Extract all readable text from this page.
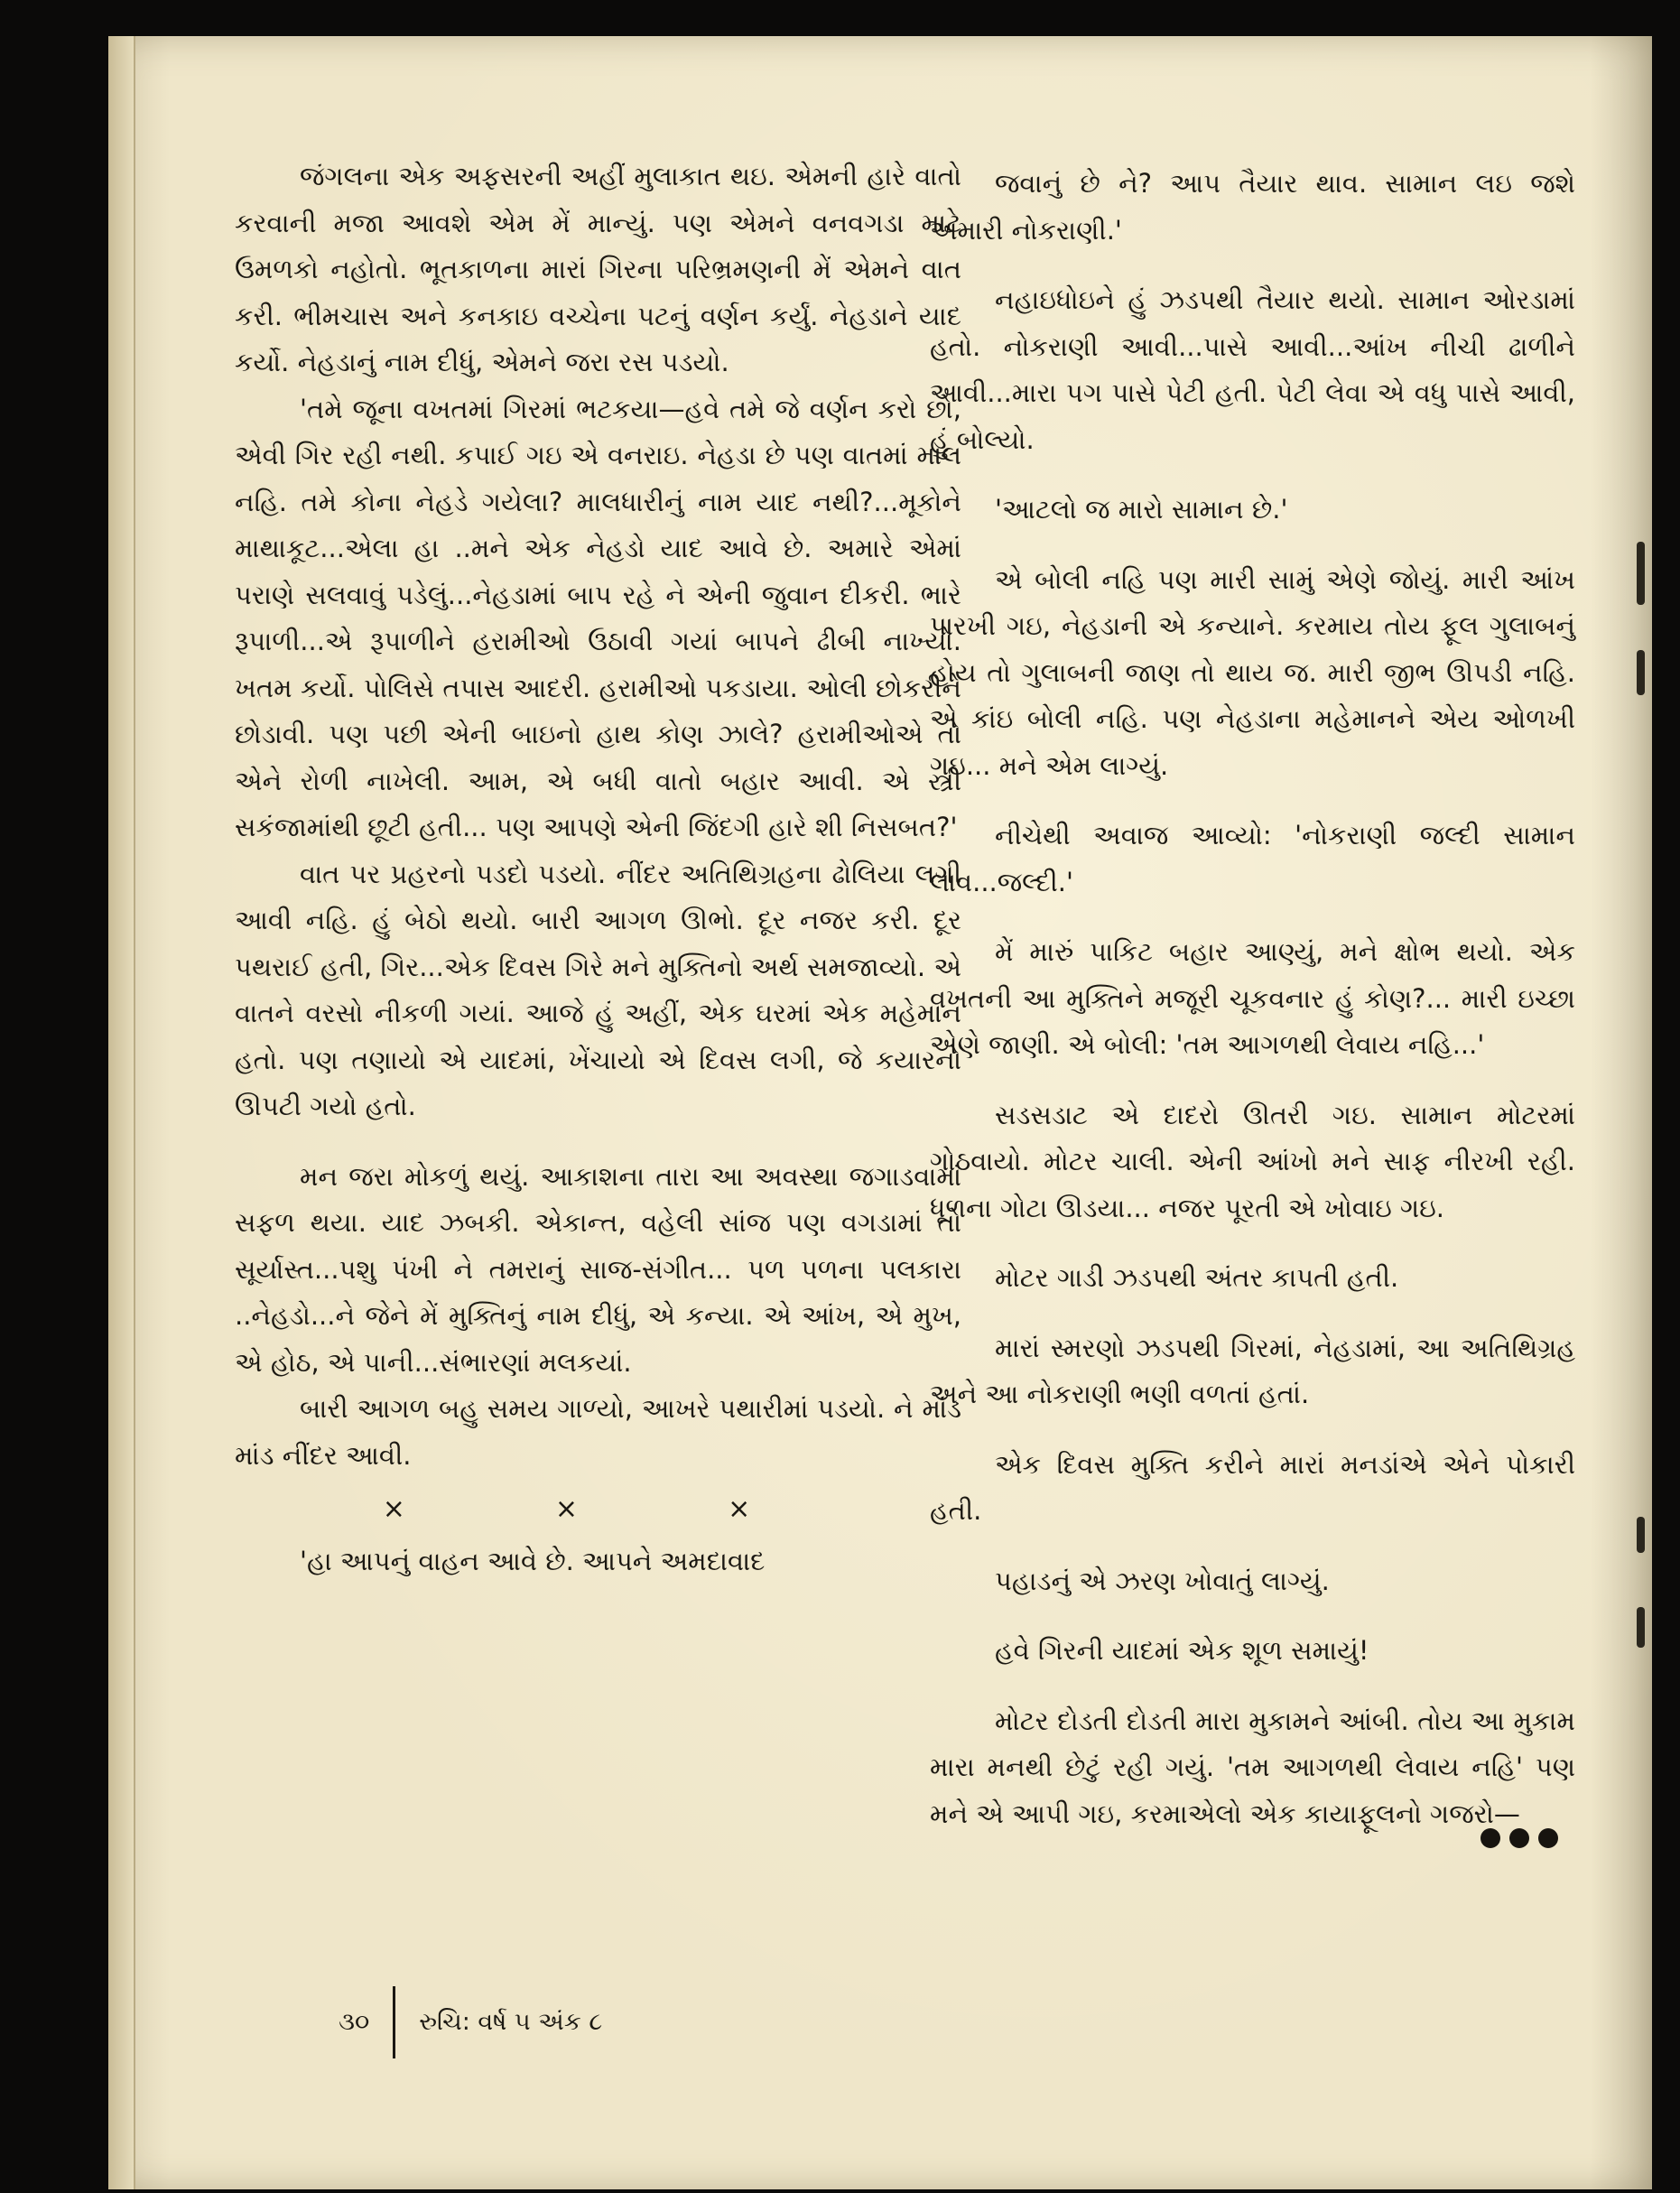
જંગલના એક અફસરની અહીં મુલાકાત થઇ. એમની હારે વાતો કરવાની મજા આવશે એમ મેં માન્યું. પણ એમને વનવગડા માટે ઉમળકો નહોતો. ભૂતકાળના મારાં ગિરના પરિભ્રમણની મેં એમને વાત કરી. ભીમચાસ અને કનકાઇ વચ્ચેના પટનું વર્ણન કર્યું. નેહડાને યાદ કર્યો. નેહડાનું નામ દીધું, એમને જરા રસ પડયો.

'તમે જૂના વખતમાં ગિરમાં ભટકયા—હવે તમે જે વર્ણન કરો છો, એવી ગિર રહી નથી. કપાઈ ગઇ એ વનરાઇ. નેહડા છે પણ વાતમાં માલ નહિ. તમે કોના નેહડે ગયેલા? માલધારીનું નામ યાદ નથી?...મૂકોને માથાકૂટ...એલા હા ..મને એક નેહડો યાદ આવે છે. અમારે એમાં પરાણે સલવાવું પડેલું...નેહડામાં બાપ રહે ને એની જુવાન દીકરી. ભારે રૂપાળી...એ રૂપાળીને હરામીઓ ઉઠાવી ગયાં બાપને ઢીબી નાખ્યો. ખતમ કર્યો. પોલિસે તપાસ આદરી. હરામીઓ પકડાયા. ઓલી છોકરીને છોડાવી. પણ પછી એની બાઇનો હાથ કોણ ઝાલે? હરામીઓએ તો એને રોળી નાખેલી. આમ, એ બધી વાતો બહાર આવી. એ સ્ત્રી સકંજામાંથી છૂટી હતી... પણ આપણે એની જિંદગી હારે શી નિસબત?'

વાત પર પ્રહરનો પડદો પડયો. નીંદર અતિથિગ્રહના ઢોલિયા લગી આવી નહિ. હું બેઠો થયો. બારી આગળ ઊભો. દૂર નજર કરી. દૂર પથરાઈ હતી, ગિર...એક દિવસ ગિરે મને મુક્તિનો અર્થ સમજાવ્યો. એ વાતને વરસો નીકળી ગયાં. આજે હું અહીં, એક ઘરમાં એક મહેમાન હતો. પણ તણાયો એ યાદમાં, ખેંચાયો એ દિવસ લગી, જે કયારનો ઊપટી ગયો હતો.

મન જરા મોકળું થયું. આકાશના તારા આ અવસ્થા જગાડવામાં સફળ થયા. યાદ ઝબકી. એકાન્ત, વહેલી સાંજ પણ વગડામાં તો સૂર્યાસ્ત...પશુ પંખી ને તમરાનું સાજ-સંગીત... પળ પળના પલકારા ..નેહડો...ને જેને મેં મુક્તિનું નામ દીધું, એ કન્યા. એ આંખ, એ મુખ, એ હોઠ, એ પાની...સંભારણાં મલકયાં.

બારી આગળ બહુ સમય ગાળ્યો, આખરે પથારીમાં પડયો. ને માંડ માંડ નીંદર આવી.

× × ×

'હા આપનું વાહન આવે છે. આપને અમદાવાદ

જવાનું છે ને? આપ તૈયાર થાવ. સામાન લઇ જશે અમારી નોકરાણી.'

નહાઇધોઇને હું ઝડપથી તૈયાર થયો. સામાન ઓરડામાં હતો. નોકરાણી આવી...પાસે આવી...આંખ નીચી ઢાળીને આવી...મારા પગ પાસે પેટી હતી. પેટી લેવા એ વધુ પાસે આવી, હું બોલ્યો.

'આટલો જ મારો સામાન છે.'

એ બોલી નહિ પણ મારી સામું એણે જોયું. મારી આંખ પારખી ગઇ, નેહડાની એ કન્યાને. કરમાય તોય ફૂલ ગુલાબનું હોય તો ગુલાબની જાણ તો થાય જ. મારી જીભ ઊપડી નહિ. એ કાંઇ બોલી નહિ. પણ નેહડાના મહેમાનને એય ઓળખી ગઇ... મને એમ લાગ્યું.

નીચેથી અવાજ આવ્યો: 'નોકરાણી જલ્દી સામાન લાવ...જલ્દી.'

મેં મારું પાકિટ બહાર આણ્યું, મને ક્ષોભ થયો. એક વખતની આ મુક્તિને મજૂરી ચૂકવનાર હું કોણ?... મારી ઇચ્છા એણે જાણી. એ બોલી: 'તમ આગળથી લેવાય નહિ...'

સડસડાટ એ દાદરો ઊતરી ગઇ. સામાન મોટરમાં ગોઠવાયો. મોટર ચાલી. એની આંખો મને સાફ નીરખી રહી. ધૂળના ગોટા ઊડયા... નજર પૂરતી એ ખોવાઇ ગઇ.

મોટર ગાડી ઝડપથી અંતર કાપતી હતી.

મારાં સ્મરણો ઝડપથી ગિરમાં, નેહડામાં, આ અતિથિગ્રહ અને આ નોકરાણી ભણી વળતાં હતાં.

એક દિવસ મુક્તિ કરીને મારાં મનડાંએ એને પોકારી હતી.

પહાડનું એ ઝરણ ખોવાતું લાગ્યું.

હવે ગિરની યાદમાં એક શૂળ સમાયું!

મોટર દોડતી દોડતી મારા મુકામને આંબી. તોય આ મુકામ મારા મનથી છેટું રહી ગયું. 'તમ આગળથી લેવાય નહિ' પણ મને એ આપી ગઇ, કરમાએલો એક કાયાફૂલનો ગજરો—

૩૦ રુચિ: વર્ષ ૫ અંક ૮
